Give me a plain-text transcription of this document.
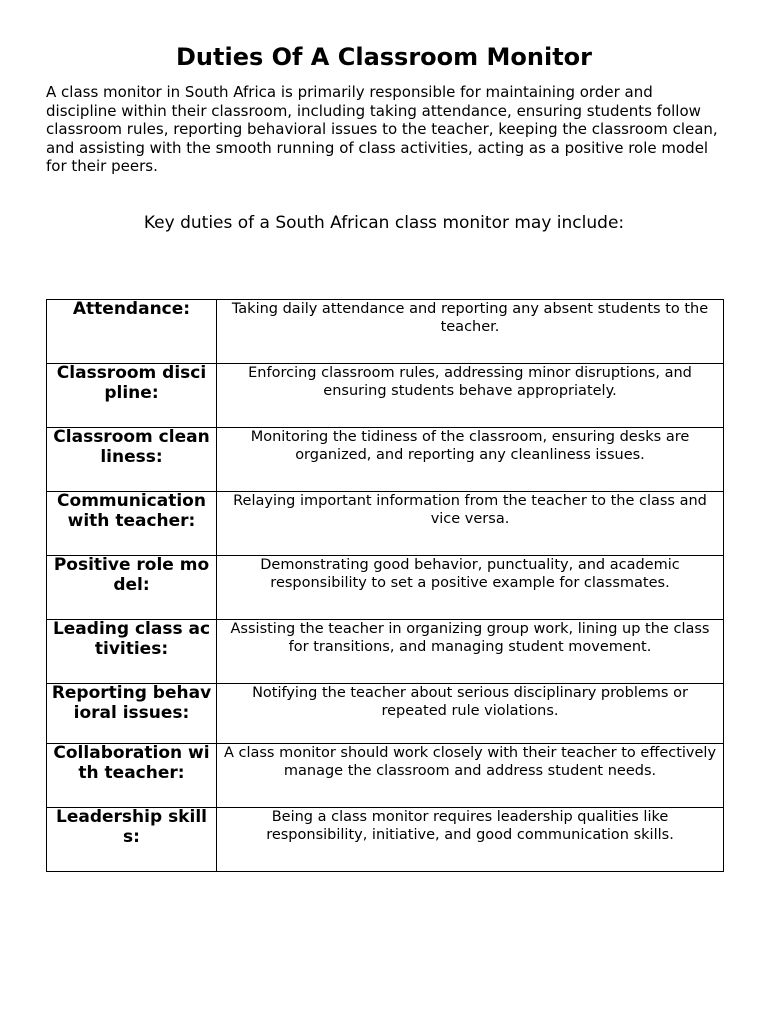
Duties Of A Classroom Monitor

A class monitor in South Africa is primarily responsible for maintaining order and discipline within their classroom, including taking attendance, ensuring students follow classroom rules, reporting behavioral issues to the teacher, keeping the classroom clean, and assisting with the smooth running of class activities, acting as a positive role model for their peers.

Key duties of a South African class monitor may include:

Attendance:	Taking daily attendance and reporting any absent students to the teacher.
Classroom discipline:	Enforcing classroom rules, addressing minor disruptions, and ensuring students behave appropriately.
Classroom cleanliness:	Monitoring the tidiness of the classroom, ensuring desks are organized, and reporting any cleanliness issues.
Communication with teacher:	Relaying important information from the teacher to the class and vice versa.
Positive role model:	Demonstrating good behavior, punctuality, and academic responsibility to set a positive example for classmates.
Leading class activities:	Assisting the teacher in organizing group work, lining up the class for transitions, and managing student movement.
Reporting behavioral issues:	Notifying the teacher about serious disciplinary problems or repeated rule violations.
Collaboration with teacher:	A class monitor should work closely with their teacher to effectively manage the classroom and address student needs.
Leadership skills:	Being a class monitor requires leadership qualities like responsibility, initiative, and good communication skills.
